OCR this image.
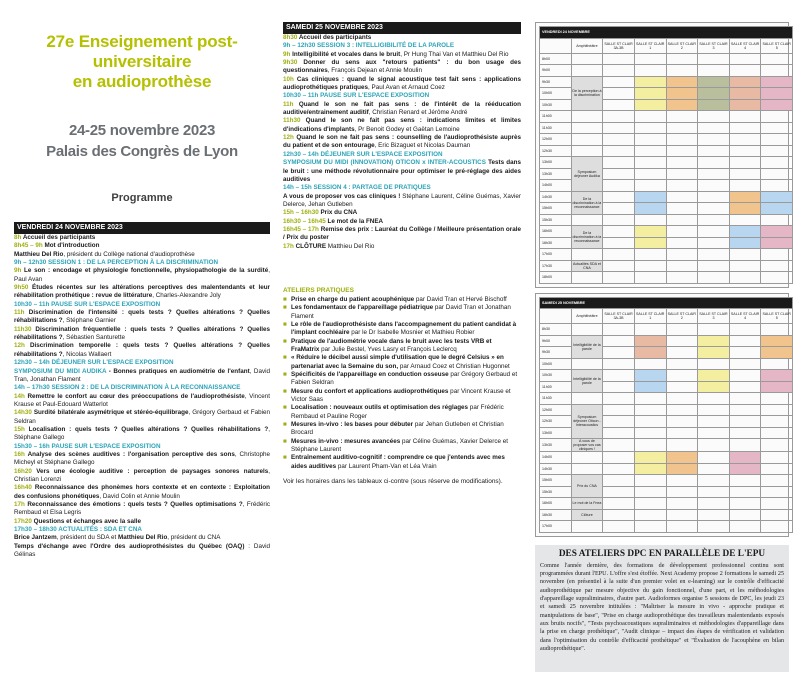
27e Enseignement post-universitaire
en audioprothèse
24-25 novembre 2023
Palais des Congrès de Lyon
Programme
VENDREDI 24 NOVEMBRE 2023

8h Accueil des participants

8h45 – 9h Mot d'introduction

Matthieu Del Rio, président du Collège national d'audioprothèse

9h – 12h30 SESSION 1 : DE LA PERCEPTION À LA DISCRIMINATION

9h Le son : encodage et physiologie fonctionnelle, physiopathologie de la surdité, Paul Avan

9h50 Études récentes sur les altérations perceptives des malentendants et leur réhabilitation prothétique : revue de littérature, Charles-Alexandre Joly

10h30 – 11h PAUSE SUR L'ESPACE EXPOSITION

11h Discrimination de l'intensité : quels tests ? Quelles altérations ? Quelles réhabilitations ?, Stéphane Garnier

11h30 Discrimination fréquentielle : quels tests ? Quelles altérations ? Quelles réhabilitations ?, Sébastien Santurette

12h Discrimination temporelle : quels tests ? Quelles altérations ? Quelles réhabilitations ?, Nicolas Wallaert

12h30 – 14h DÉJEUNER SUR L'ESPACE EXPOSITION

SYMPOSIUM DU MIDI AUDIKA - Bonnes pratiques en audiométrie de l'enfant, David Tran, Jonathan Flament

14h – 17h30 SESSION 2 : DE LA DISCRIMINATION À LA RECONNAISSANCE

14h Remettre le confort au cœur des préoccupations de l'audioprothésiste, Vincent Krause et Paul-Edouard Watterlot

14h30 Surdité bilatérale asymétrique et stéréo-équilibrage, Grégory Gerbaud et Fabien Seldran

15h Localisation : quels tests ? Quelles altérations ? Quelles réhabilitations ?, Stéphane Gallego

15h30 – 16h PAUSE SUR L'ESPACE EXPOSITION

16h Analyse des scènes auditives : l'organisation perceptive des sons, Christophe Micheyl et Stéphane Gallego

16h20 Vers une écologie auditive : perception de paysages sonores naturels, Christian Lorenzi

16h40 Reconnaissance des phonèmes hors contexte et en contexte : Exploitation des confusions phonétiques, David Colin et Annie Moulin

17h Reconnaissance des émotions : quels tests ? Quelles optimisations ?, Frédéric Rembaud et Elsa Legris

17h20 Questions et échanges avec la salle

17h30 – 18h30 ACTUALITÉS : SDA ET CNA

Brice Jantzem, président du SDA et Matthieu Del Rio, président du CNA

Temps d'échange avec l'Ordre des audioprothésistes du Québec (OAQ) : David Gélinas

SAMEDI 25 NOVEMBRE 2023

8h30 Accueil des participants

9h – 12h30 SESSION 3 : INTELLIGIBILITÉ DE LA PAROLE

9h Intelligibilité et vocales dans le bruit, Pr Hung Thai Van et Matthieu Del Rio

9h30 Donner du sens aux "retours patients" : du bon usage des questionnaires, François Dejean et Annie Moulin

10h Cas cliniques : quand le signal acoustique test fait sens : applications audioprothétiques pratiques, Paul Avan et Arnaud Coez

10h30 – 11h PAUSE SUR L'ESPACE EXPOSITION

11h Quand le son ne fait pas sens : de l'intérêt de la rééducation auditive/entrainement auditif, Christian Renard et Jérôme André

11h30 Quand le son ne fait pas sens : indications limites et limites d'indications d'implants, Pr Benoit Godey et Gaëtan Lemoine

12h Quand le son ne fait pas sens : counselling de l'audioprothésiste auprès du patient et de son entourage, Eric Bizaguet et Nicolas Dauman

12h30 – 14h DÉJEUNER SUR L'ESPACE EXPOSITION

SYMPOSIUM DU MIDI (INNOVATION) OTICON x INTER-ACOUSTICS Tests dans le bruit : une méthode révolutionnaire pour optimiser le pré-réglage des aides auditives

14h – 15h SESSION 4 : PARTAGE DE PRATIQUES

A vous de proposer vos cas cliniques ! Stéphane Laurent, Céline Guémas, Xavier Delerce, Jehan Gutleben

15h – 16h30 Prix du CNA

16h30 – 16h45 Le mot de la FNEA

16h45 – 17h Remise des prix : Lauréat du Collège / Meilleure présentation orale / Prix du poster

17h CLÔTURE Matthieu Del Rio

ATELIERS PRATIQUES
■ Prise en charge du patient acouphénique par David Tran et Hervé Bischoff
■ Les fondamentaux de l'appareillage pédiatrique par David Tran et Jonathan Flament
■ Le rôle de l'audioprothésiste dans l'accompagnement du patient candidat à l'implant cochléaire par le Dr Isabelle Mosnier et Mathieu Robier
■ Pratique de l'audiométrie vocale dans le bruit avec les tests VRB et FraMatrix par Julie Bestel, Yves Lasry et François Leclercq
■ « Réduire le décibel aussi simple d'utilisation que le degré Celsius » en partenariat avec la Semaine du son, par Arnaud Coez et Christian Hugonnet
■ Spécificités de l'appareillage en conduction osseuse par Grégory Gerbaud et Fabien Seldran
■ Mesure du confort et applications audioprothétiques par Vincent Krause et Victor Saas
■ Localisation : nouveaux outils et optimisation des réglages par Frédéric Rembaud et Pauline Roger
■ Mesures in-vivo : les bases pour débuter par Jehan Gutleben et Christian Brocard
■ Mesures in-vivo : mesures avancées par Céline Guémas, Xavier Delerce et Stéphane Laurent
■ Entraînement auditivo-cognitif : comprendre ce que j'entends avec mes aides auditives par Laurent Pham-Van et Léa Vrain
Voir les horaires dans les tableaux ci-contre (sous réserve de modifications).
VENDREDI 24 NOVEMBRE							
	Amphithéâtre	SALLE ST CLAIR 3A-3B	SALLE ST CLAIR 1	SALLE ST CLAIR 2	SALLE ST CLAIR 3	SALLE ST CLAIR 4	SALLE ST CLAIR 5
8h00							
9h00							
9h30	De la perception à la discrimination						
10h00							
10h30							
11h00							
11h30							
12h00							
12h30							
13h00	Symposium déjeuner Audika						
13h30							
14h00							
14h30	De la discrimination à la reconnaissance						
15h00							
15h30							
16h00	De la discrimination à la reconnaissance						
16h30							
17h00							
17h30	Actualités SDA et CNA						
18h00							
SAMEDI 25 NOVEMBRE							
	Amphithéâtre	SALLE ST CLAIR 3A-3B	SALLE ST CLAIR 1	SALLE ST CLAIR 2	SALLE ST CLAIR 3	SALLE ST CLAIR 4	SALLE ST CLAIR 5
8h30							
9h00	Intelligibilité de la parole						
9h30							
10h00							
10h30	Intelligibilité de la parole						
11h00							
11h30							
12h00	Symposium déjeuner Oticon - Interacoustics						
12h30							
13h00							
13h30	A vous de proposer vos cas cliniques !						
14h00							
14h30							
15h00	Prix du CNA						
15h30							
16h00	Le mot de la Fnea						
16h30	Clôture						
17h00							
DES ATELIERS DPC EN PARALLÈLE DE L'EPU
Comme l'année dernière, des formations de développement professionnel continu sont programmées durant l'EPU. L'offre s'est étoffée. Next Academy propose 2 formations le samedi 25 novembre (en présentiel à la suite d'un premier volet en e-learning) sur le contrôle d'efficacité audioprothétique par mesure objective du gain fonctionnel, d'une part, et les méthodologies d'appareillage supraliminaires, d'autre part. Audioformes organise 5 sessions de DPC, les jeudi 23 et samedi 25 novembre intitulées : "Maîtriser la mesure in vivo - approche pratique et manipulations de base", "Prise en charge audioprothétique des travailleurs malentendants exposés aux bruits nocifs", "Tests psychoacoustiques supraliminaires et méthodologies d'appareillage dans la prise en charge prothétique", "Audit clinique – impact des étapes de vérification et validation dans l'optimisation du contrôle d'efficacité prothétique" et "Évaluation de l'acouphène en bilan audioprothétique".
